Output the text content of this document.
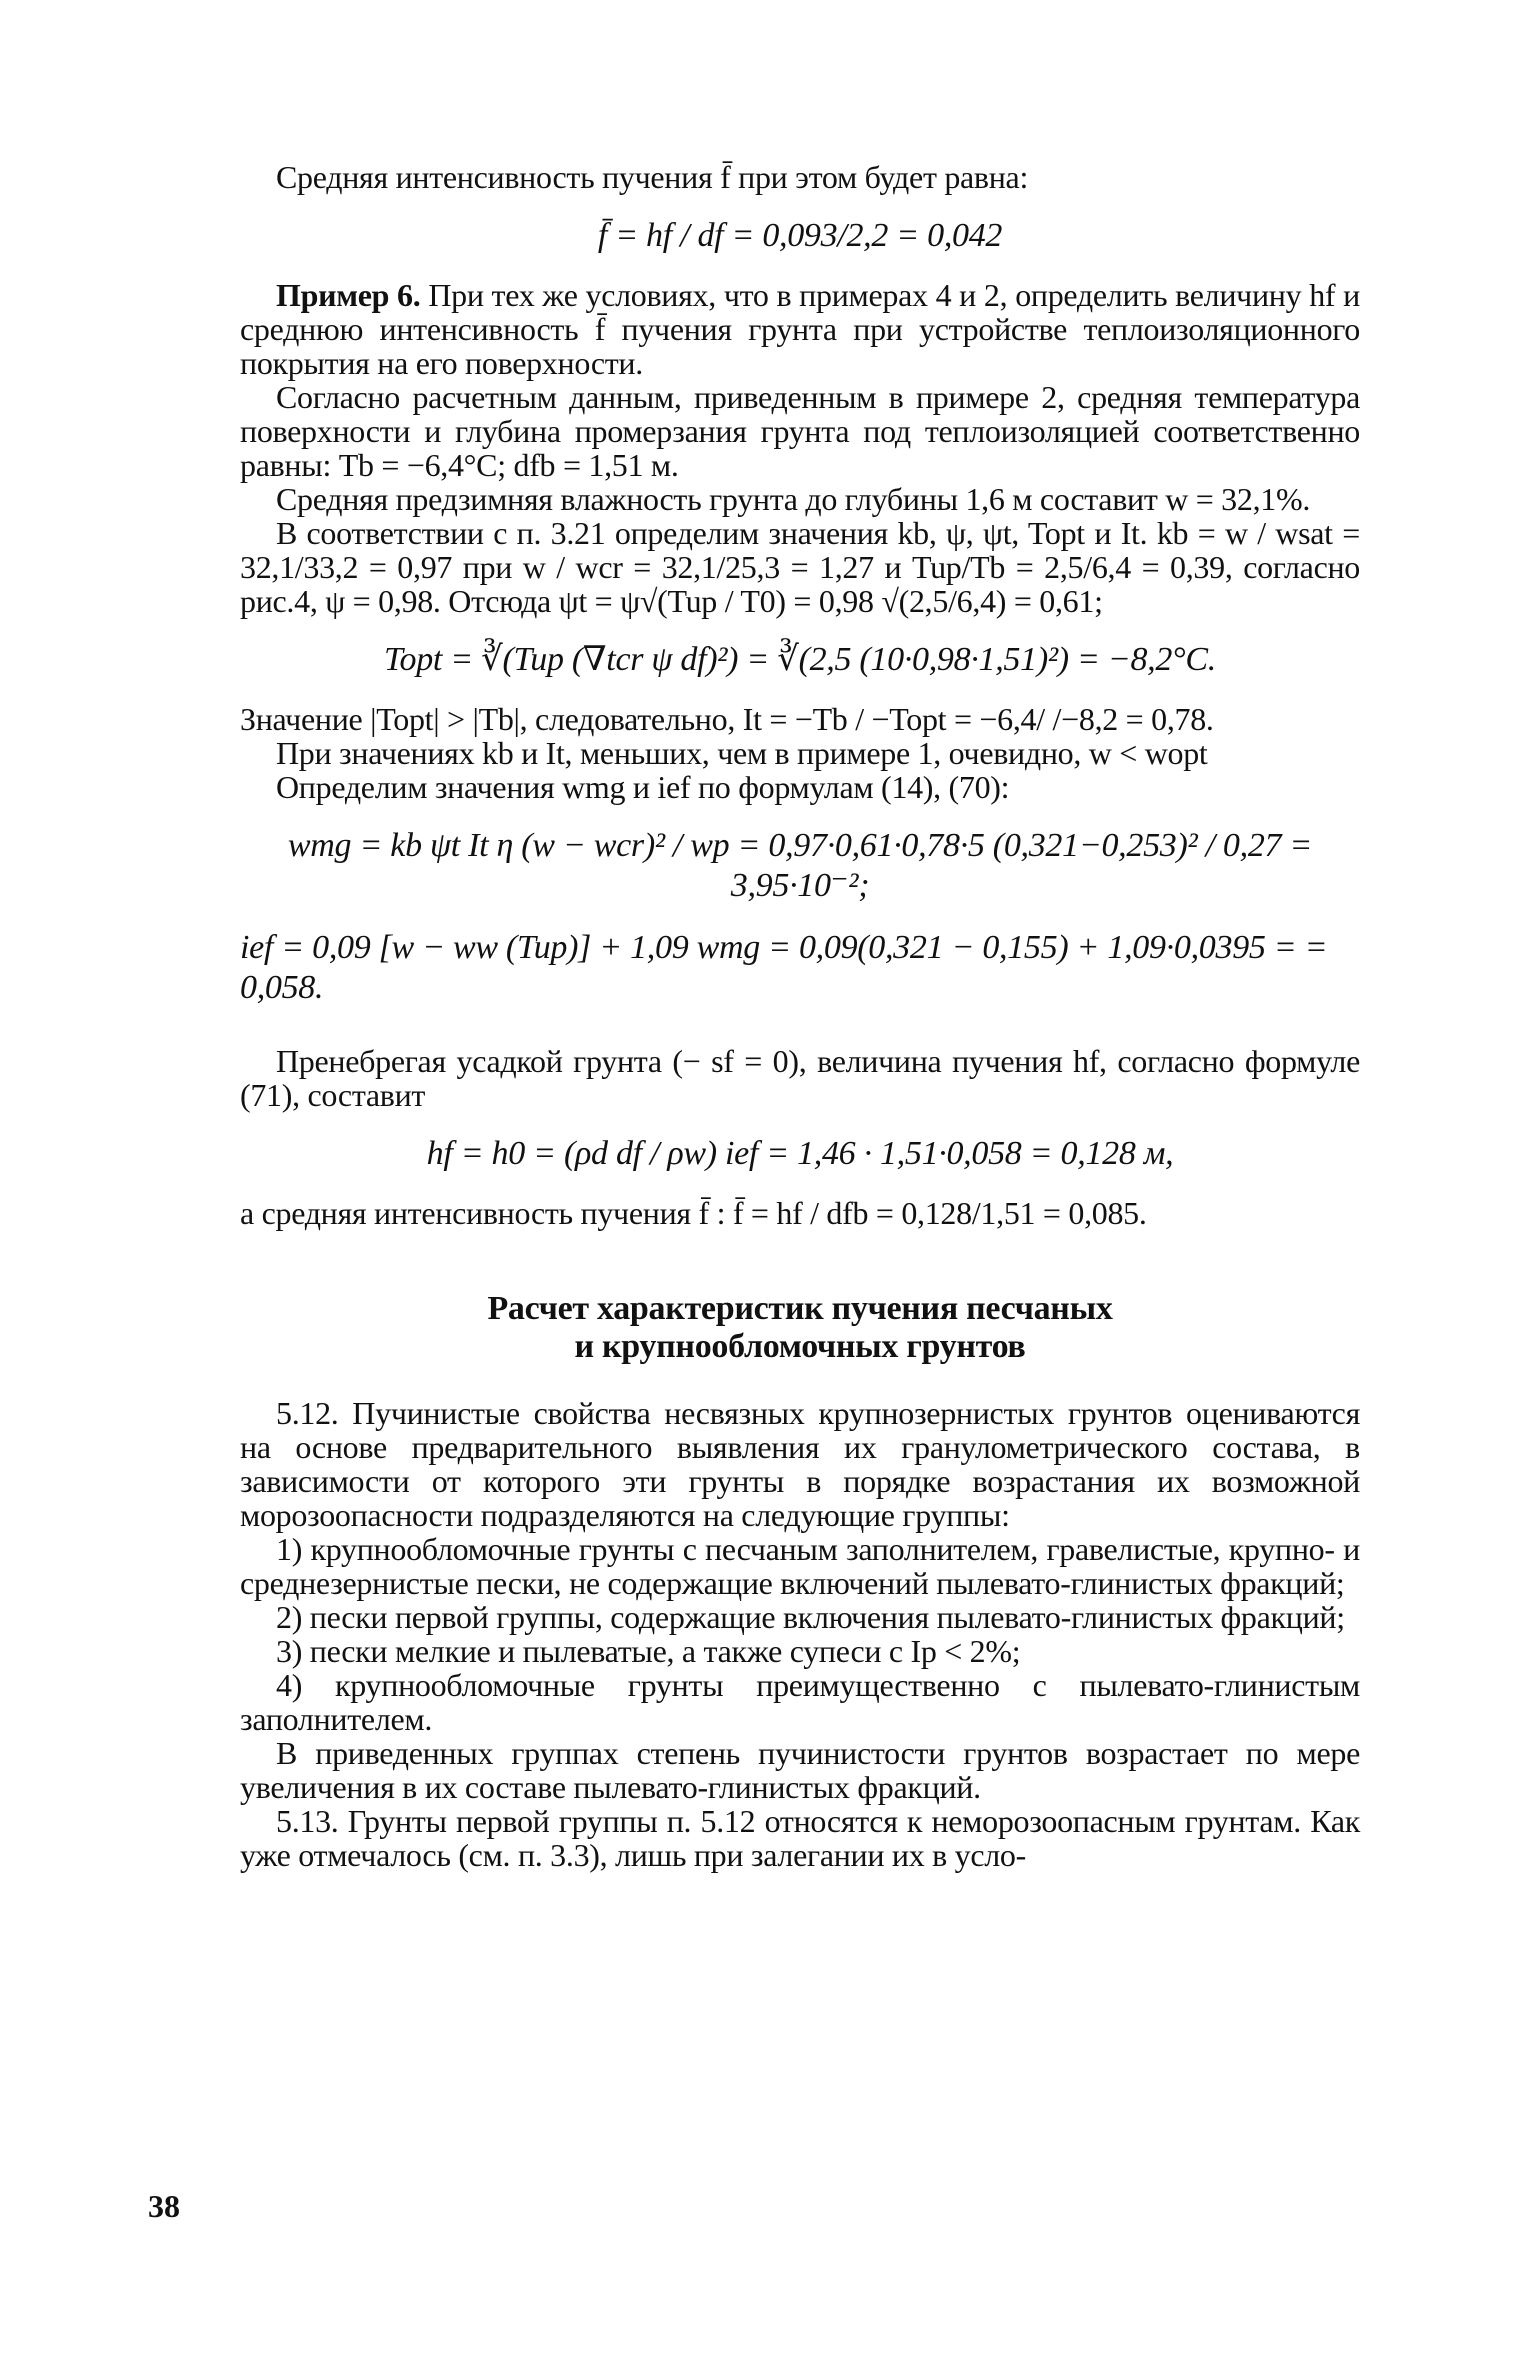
Средняя интенсивность пучения f̄ при этом будет равна:

f̄ = hf / df = 0,093/2,2 = 0,042

Пример 6. При тех же условиях, что в примерах 4 и 2, определить величину hf и среднюю интенсивность f̄ пучения грунта при устройстве теплоизоляционного покрытия на его поверхности.

Согласно расчетным данным, приведенным в примере 2, средняя температура поверхности и глубина промерзания грунта под теплоизоляцией соответственно равны: Tb = −6,4°C; dfb = 1,51 м.

Средняя предзимняя влажность грунта до глубины 1,6 м составит w = 32,1%.

В соответствии с п. 3.21 определим значения kb, ψ, ψt, Topt и It. kb = w / wsat = 32,1/33,2 = 0,97 при w / wcr = 32,1/25,3 = 1,27 и Tup/Tb = 2,5/6,4 = 0,39, согласно рис.4, ψ = 0,98. Отсюда ψt = ψ√(Tup / T0) = 0,98 √(2,5/6,4) = 0,61;

Topt = ∛(Tup (∇tcr ψ df)²) = ∛(2,5 (10·0,98·1,51)²) = −8,2°C.

Значение |Topt| > |Tb|, следовательно, It = −Tb / −Topt = −6,4/ /−8,2 = 0,78.

При значениях kb и It, меньших, чем в примере 1, очевидно, w < wopt

Определим значения wmg и ief по формулам (14), (70):

wmg = kb ψt It η (w − wcr)² / wp = 0,97·0,61·0,78·5 (0,321−0,253)² / 0,27 = 3,95·10⁻²;
ief = 0,09 [w − ww (Tup)] + 1,09 wmg = 0,09(0,321 − 0,155) + 1,09·0,0395 = = 0,058.

Пренебрегая усадкой грунта (− sf = 0), величина пучения hf, согласно формуле (71), составит

hf = h0 = (ρd df / ρw) ief = 1,46 · 1,51·0,058 = 0,128 м,

а средняя интенсивность пучения f̄ : f̄ = hf / dfb = 0,128/1,51 = 0,085.

Расчет характеристик пучения песчаных
и крупнообломочных грунтов

5.12. Пучинистые свойства несвязных крупнозернистых грунтов оцениваются на основе предварительного выявления их гранулометрического состава, в зависимости от которого эти грунты в порядке возрастания их возможной морозоопасности подразделяются на следующие группы:

1) крупнообломочные грунты с песчаным заполнителем, гравелистые, крупно- и среднезернистые пески, не содержащие включений пылевато-глинистых фракций;

2) пески первой группы, содержащие включения пылевато-глинистых фракций;

3) пески мелкие и пылеватые, а также супеси с Ip < 2%;

4) крупнообломочные грунты преимущественно с пылевато-глинистым заполнителем.

В приведенных группах степень пучинистости грунтов возрастает по мере увеличения в их составе пылевато-глинистых фракций.

5.13. Грунты первой группы п. 5.12 относятся к неморозоопасным грунтам. Как уже отмечалось (см. п. 3.3), лишь при залегании их в усло-

38
